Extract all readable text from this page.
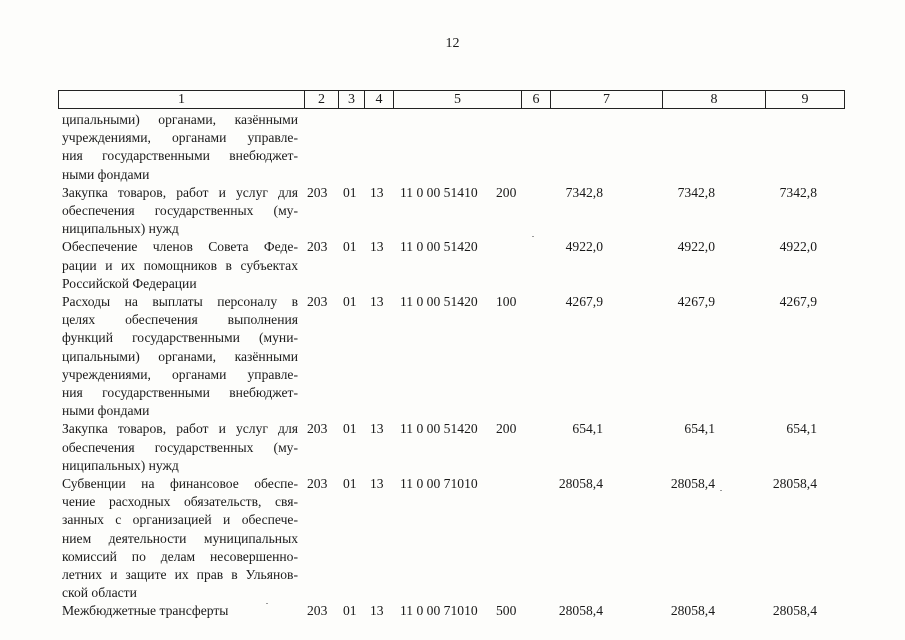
12
1	2	3	4	5	6	7	8	9
ципальными) органами, казёнными
учреждениями, органами управле-
ния государственными внебюджет-
ными фондами
Закупка товаров, работ и услуг для
обеспечения государственных (му-
ниципальных) нужд
203 01 13 11 0 00 51410 200	7342,8	7342,8	7342,8
Обеспечение членов Совета Феде-
рации и их помощников в субъектах
Российской Федерации
203 01 13 11 0 00 51420	4922,0	4922,0	4922,0
Расходы на выплаты персоналу в
целях обеспечения выполнения
функций государственными (муни-
ципальными) органами, казёнными
учреждениями, органами управле-
ния государственными внебюджет-
ными фондами
203 01 13 11 0 00 51420 100	4267,9	4267,9	4267,9
Закупка товаров, работ и услуг для
обеспечения государственных (му-
ниципальных) нужд
203 01 13 11 0 00 51420 200	654,1	654,1	654,1
Субвенции на финансовое обеспе-
чение расходных обязательств, свя-
занных с организацией и обеспече-
нием деятельности муниципальных
комиссий по делам несовершенно-
летних и защите их прав в Ульянов-
ской области
203 01 13 11 0 00 71010	28058,4	28058,4	28058,4
Межбюджетные трансферты	203 01 13 11 0 00 71010 500	28058,4	28058,4	28058,4
